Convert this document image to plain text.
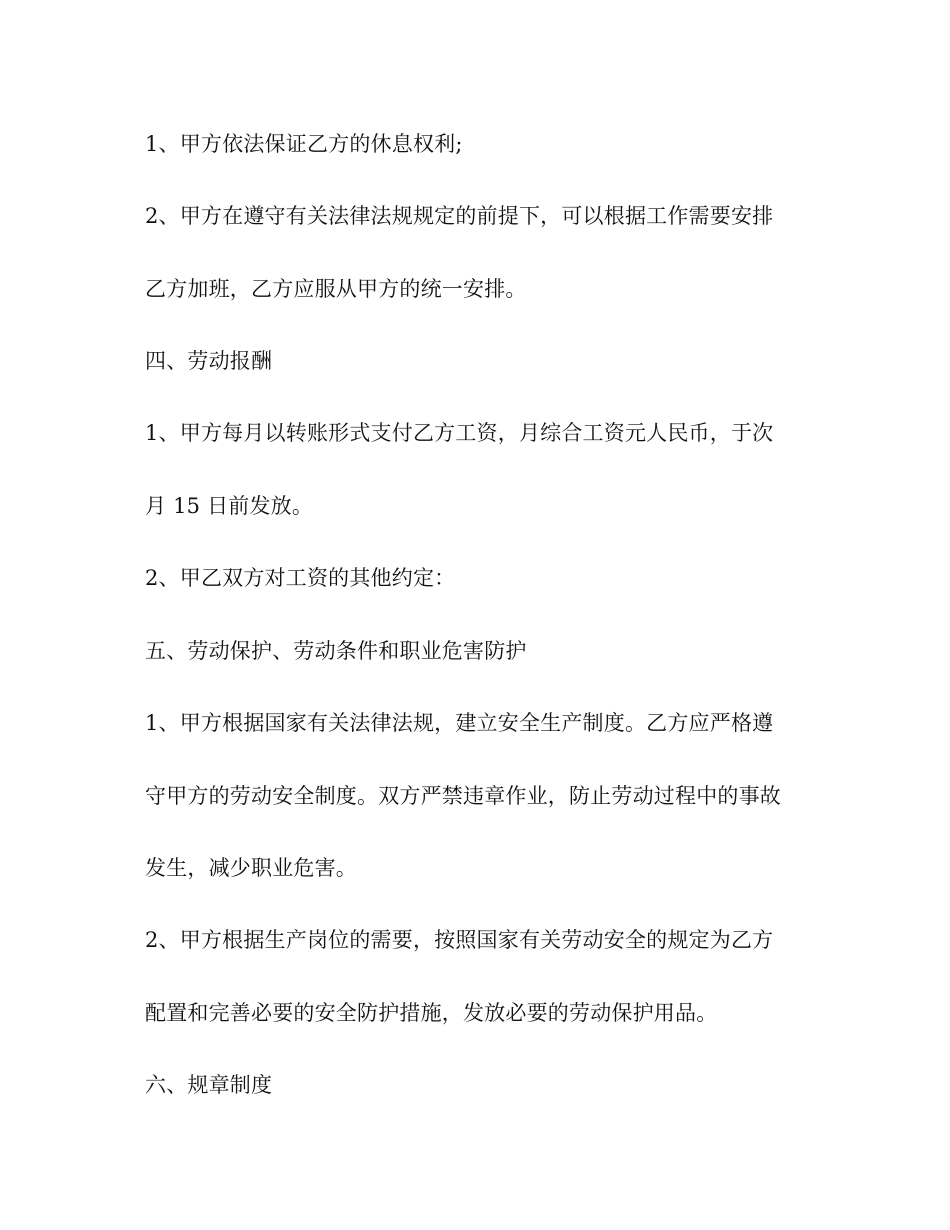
1、甲方依法保证乙方的休息权利;
2、甲方在遵守有关法律法规规定的前提下，可以根据工作需要安排
乙方加班，乙方应服从甲方的统一安排。
四、劳动报酬
1、甲方每月以转账形式支付乙方工资，月综合工资元人民币，于次
月 15 日前发放。
2、甲乙双方对工资的其他约定：
五、劳动保护、劳动条件和职业危害防护
1、甲方根据国家有关法律法规，建立安全生产制度。乙方应严格遵
守甲方的劳动安全制度。双方严禁违章作业，防止劳动过程中的事故
发生，减少职业危害。
2、甲方根据生产岗位的需要，按照国家有关劳动安全的规定为乙方
配置和完善必要的安全防护措施，发放必要的劳动保护用品。
六、规章制度
